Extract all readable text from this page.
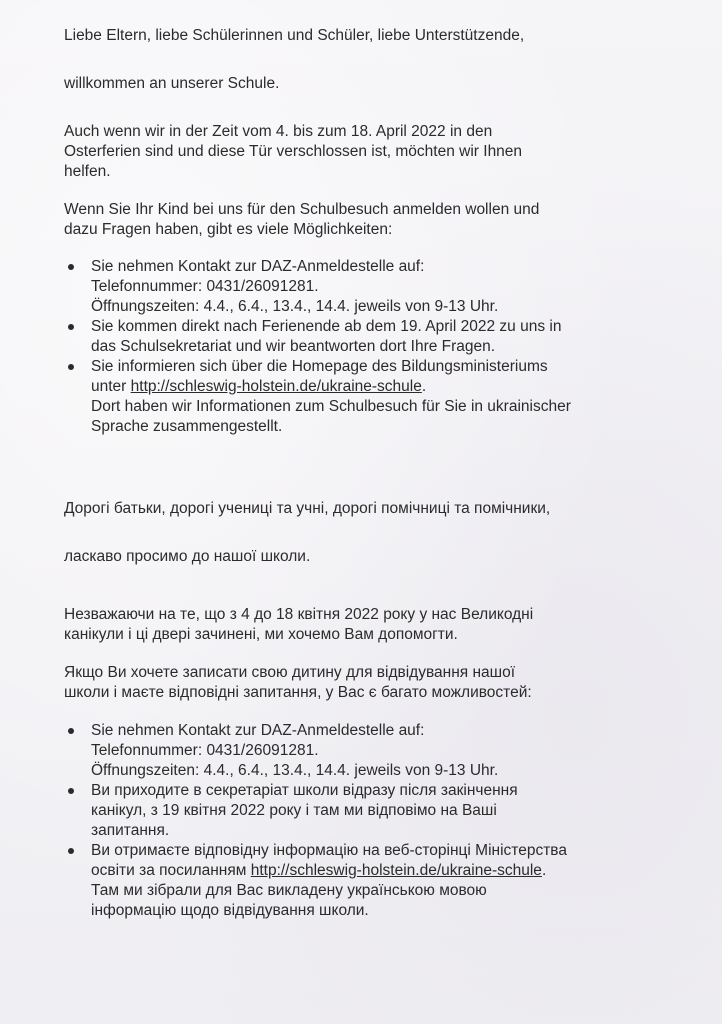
Liebe Eltern, liebe Schülerinnen und Schüler, liebe Unterstützende,

willkommen an unserer Schule.

Auch wenn wir in der Zeit vom 4. bis zum 18. April 2022 in den
Osterferien sind und diese Tür verschlossen ist, möchten wir Ihnen
helfen.

Wenn Sie Ihr Kind bei uns für den Schulbesuch anmelden wollen und
dazu Fragen haben, gibt es viele Möglichkeiten:

Sie nehmen Kontakt zur DAZ-Anmeldestelle auf:
Telefonnummer: 0431/26091281.
Öffnungszeiten: 4.4., 6.4., 13.4., 14.4. jeweils von 9-13 Uhr.
Sie kommen direkt nach Ferienende ab dem 19. April 2022 zu uns in
das Schulsekretariat und wir beantworten dort Ihre Fragen.
Sie informieren sich über die Homepage des Bildungsministeriums
unter http://schleswig-holstein.de/ukraine-schule.
Dort haben wir Informationen zum Schulbesuch für Sie in ukrainischer
Sprache zusammengestellt.

Дорогі батьки, дорогі учениці та учні, дорогі помічниці та помічники,

ласкаво просимо до нашої школи.

Незважаючи на те, що з 4 до 18 квітня 2022 року у нас Великодні
канікули і ці двері зачинені, ми хочемо Вам допомогти.

Якщо Ви хочете записати свою дитину для відвідування нашої
школи і маєте відповідні запитання, у Вас є багато можливостей:

Sie nehmen Kontakt zur DAZ-Anmeldestelle auf:
Telefonnummer: 0431/26091281.
Öffnungszeiten: 4.4., 6.4., 13.4., 14.4. jeweils von 9-13 Uhr.
Ви приходите в секретаріат школи відразу після закінчення
канікул, з 19 квітня 2022 року і там ми відповімо на Ваші
запитання.
Ви отримаєте відповідну інформацію на веб-сторінці Міністерства
освіти за посиланням http://schleswig-holstein.de/ukraine-schule.
Там ми зібрали для Вас викладену українською мовою
інформацію щодо відвідування школи.
